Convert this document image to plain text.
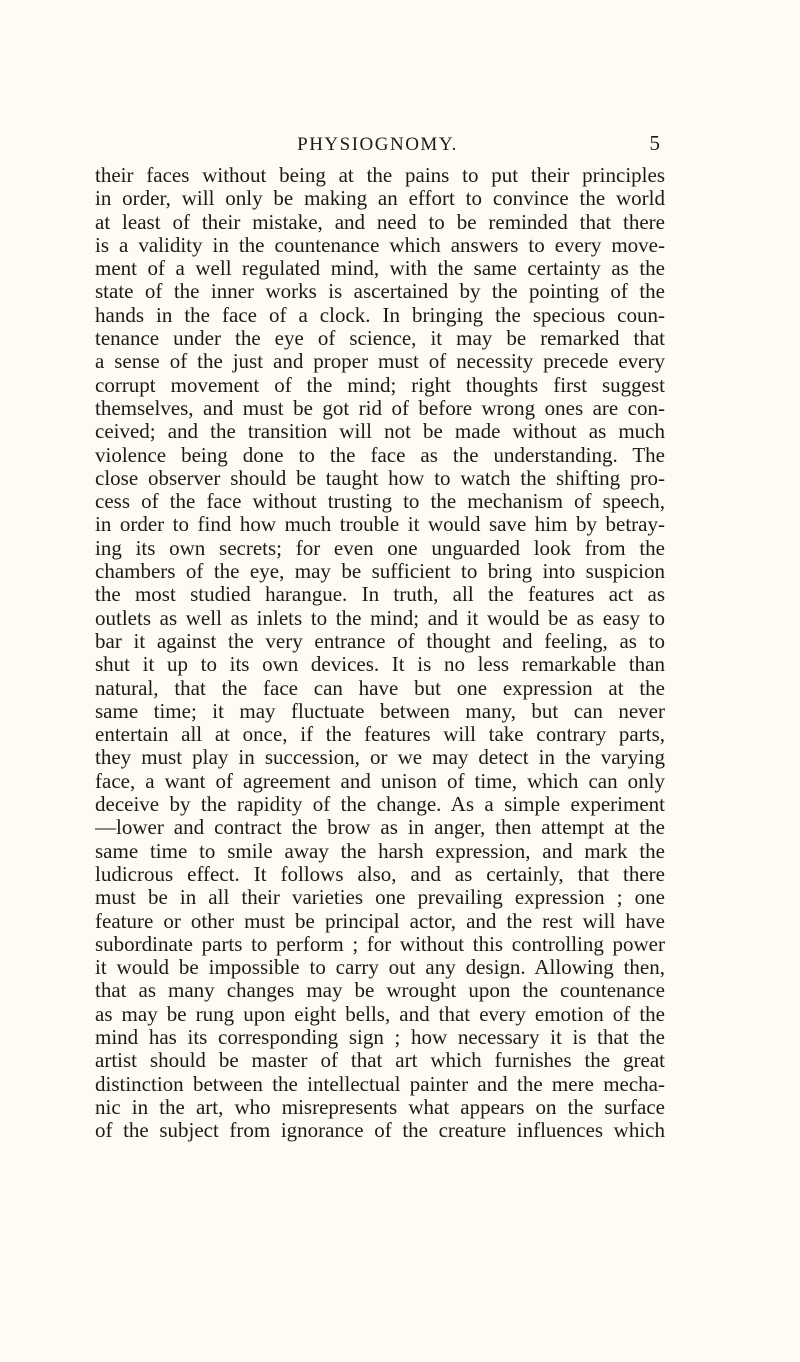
PHYSIOGNOMY.	5
their faces without being at the pains to put their principles
in order, will only be making an effort to convince the world
at least of their mistake, and need to be reminded that there
is a validity in the countenance which answers to every move-
ment of a well regulated mind, with the same certainty as the
state of the inner works is ascertained by the pointing of the
hands in the face of a clock. In bringing the specious coun-
tenance under the eye of science, it may be remarked that
a sense of the just and proper must of necessity precede every
corrupt movement of the mind; right thoughts first suggest
themselves, and must be got rid of before wrong ones are con-
ceived; and the transition will not be made without as much
violence being done to the face as the understanding. The
close observer should be taught how to watch the shifting pro-
cess of the face without trusting to the mechanism of speech,
in order to find how much trouble it would save him by betray-
ing its own secrets; for even one unguarded look from the
chambers of the eye, may be sufficient to bring into suspicion
the most studied harangue. In truth, all the features act as
outlets as well as inlets to the mind; and it would be as easy to
bar it against the very entrance of thought and feeling, as to
shut it up to its own devices. It is no less remarkable than
natural, that the face can have but one expression at the
same time; it may fluctuate between many, but can never
entertain all at once, if the features will take contrary parts,
they must play in succession, or we may detect in the varying
face, a want of agreement and unison of time, which can only
deceive by the rapidity of the change. As a simple experiment
—lower and contract the brow as in anger, then attempt at the
same time to smile away the harsh expression, and mark the
ludicrous effect. It follows also, and as certainly, that there
must be in all their varieties one prevailing expression ; one
feature or other must be principal actor, and the rest will have
subordinate parts to perform ; for without this controlling power
it would be impossible to carry out any design. Allowing then,
that as many changes may be wrought upon the countenance
as may be rung upon eight bells, and that every emotion of the
mind has its corresponding sign ; how necessary it is that the
artist should be master of that art which furnishes the great
distinction between the intellectual painter and the mere mecha-
nic in the art, who misrepresents what appears on the surface
of the subject from ignorance of the creature influences which
